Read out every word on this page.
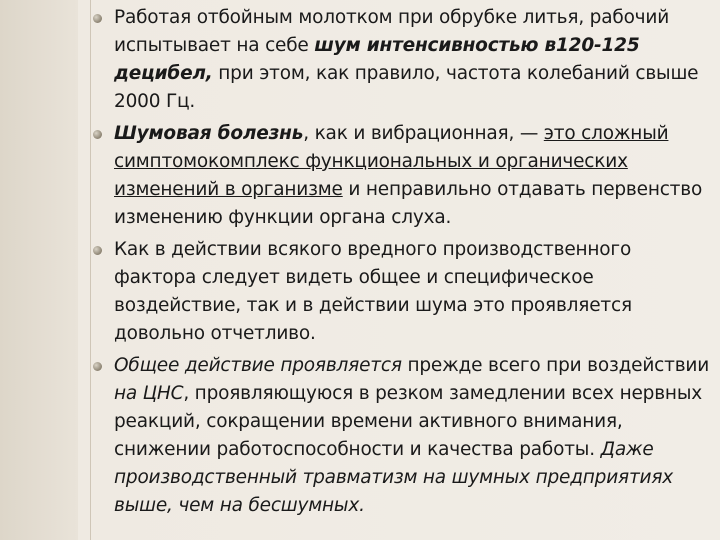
Работая отбойным молотком при обрубке литья, рабочий испытывает на себе шум интенсивностью в120-125 децибел, при этом, как правило, частота колебаний свыше 2000 Гц.
Шумовая болезнь, как и вибрационная, — это сложный симптомокомплекс функциональных и органических изменений в организме и неправильно отдавать первенство изменению функции органа слуха.
Как в действии всякого вредного производственного фактора следует видеть общее и специфическое воздействие, так и в действии шума это проявляется довольно отчетливо.
Общее действие проявляется прежде всего при воздействии на ЦНС, проявляющуюся в резком замедлении всех нервных реакций, сокращении времени активного внимания, снижении работоспособности и качества работы. Даже производственный травматизм на шумных предприятиях выше, чем на бесшумных.
